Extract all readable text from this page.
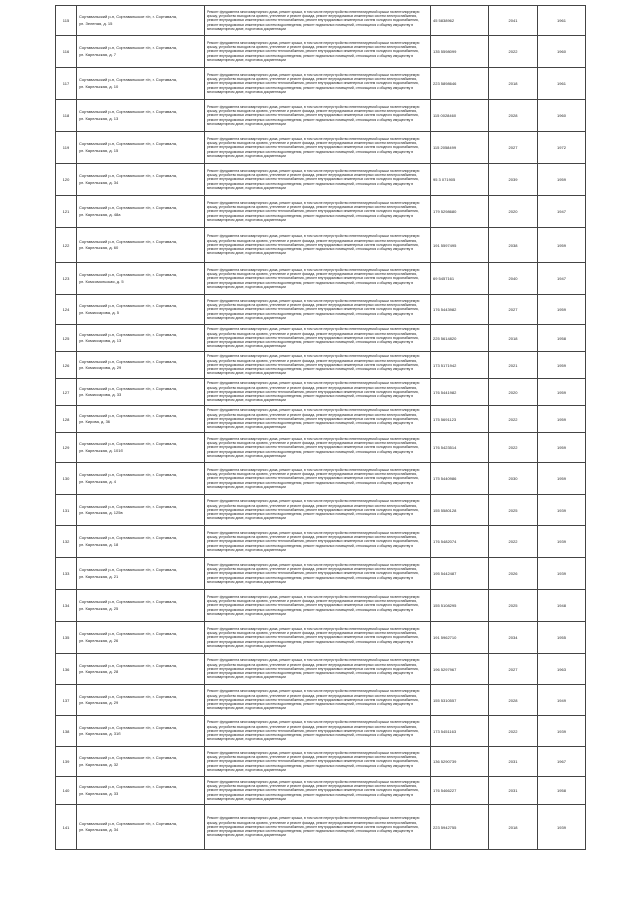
115	Сортавальский р-н, Сортавальское г/п, г. Сортавала,
ул. Зеленая, д. 15	Ремонт фундамента многоквартирного дома, ремонт крыши, в том числе переустройство невентилируемой крыши на вентилируемую крышу, устройство выходов на кровлю, утепление и ремонт фасада, ремонт внутридомовых инженерных систем электроснабжения, ремонт внутридомовых инженерных систем теплоснабжения, ремонт внутридомовых инженерных систем холодного водоснабжения, ремонт внутридомовых инженерных систем водоотведения, ремонт подвальных помещений, относящихся к общему имуществу в многоквартирном доме, подготовка документации	45 5838962	2041	1961
116	Сортавальский р-н, Сортавальское г/п, г. Сортавала,
ул. Карельская, д. 7	Ремонт фундамента многоквартирного дома, ремонт крыши, в том числе переустройство невентилируемой крыши на вентилируемую крышу, устройство выходов на кровлю, утепление и ремонт фасада, ремонт внутридомовых инженерных систем электроснабжения, ремонт внутридомовых инженерных систем теплоснабжения, ремонт внутридомовых инженерных систем холодного водоснабжения, ремонт внутридомовых инженерных систем водоотведения, ремонт подвальных помещений, относящихся к общему имуществу в многоквартирном доме, подготовка документации	135 5598099	2022	1960
117	Сортавальский р-н, Сортавальское г/п, г. Сортавала,
ул. Карельская, д. 10	Ремонт фундамента многоквартирного дома, ремонт крыши, в том числе переустройство невентилируемой крыши на вентилируемую крышу, устройство выходов на кровлю, утепление и ремонт фасада, ремонт внутридомовых инженерных систем электроснабжения, ремонт внутридомовых инженерных систем теплоснабжения, ремонт внутридомовых инженерных систем холодного водоснабжения, ремонт внутридомовых инженерных систем водоотведения, ремонт подвальных помещений, относящихся к общему имуществу в многоквартирном доме, подготовка документации	223 5898646	2018	1961
118	Сортавальский р-н, Сортавальское г/п, г. Сортавала,
ул. Карельская, д. 13	Ремонт фундамента многоквартирного дома, ремонт крыши, в том числе переустройство невентилируемой крыши на вентилируемую крышу, устройство выходов на кровлю, утепление и ремонт фасада, ремонт внутридомовых инженерных систем электроснабжения, ремонт внутридомовых инженерных систем теплоснабжения, ремонт внутридомовых инженерных систем холодного водоснабжения, ремонт внутридомовых инженерных систем водоотведения, ремонт подвальных помещений, относящихся к общему имуществу в многоквартирном доме, подготовка документации	115 0028460	2028	1960
119	Сортавальский р-н, Сортавальское г/п, г. Сортавала,
ул. Карельская, д. 15	Ремонт фундамента многоквартирного дома, ремонт крыши, в том числе переустройство невентилируемой крыши на вентилируемую крышу, устройство выходов на кровлю, утепление и ремонт фасада, ремонт внутридомовых инженерных систем электроснабжения, ремонт внутридомовых инженерных систем теплоснабжения, ремонт внутридомовых инженерных систем холодного водоснабжения, ремонт внутридомовых инженерных систем водоотведения, ремонт подвальных помещений, относящихся к общему имуществу в многоквартирном доме, подготовка документации	115 2058499	2027	1972
120	Сортавальский р-н, Сортавальское г/п, г. Сортавала,
ул. Карельская, д. 34	Ремонт фундамента многоквартирного дома, ремонт крыши, в том числе переустройство невентилируемой крыши на вентилируемую крышу, устройство выходов на кровлю, утепление и ремонт фасада, ремонт внутридомовых инженерных систем электроснабжения, ремонт внутридомовых инженерных систем теплоснабжения, ремонт внутридомовых инженерных систем холодного водоснабжения, ремонт внутридомовых инженерных систем водоотведения, ремонт подвальных помещений, относящихся к общему имуществу в многоквартирном доме, подготовка документации	95 3 071905	2039	1959
121	Сортавальский р-н, Сортавальское г/п, г. Сортавала,
ул. Карельская, д. 48а	Ремонт фундамента многоквартирного дома, ремонт крыши, в том числе переустройство невентилируемой крыши на вентилируемую крышу, устройство выходов на кровлю, утепление и ремонт фасада, ремонт внутридомовых инженерных систем электроснабжения, ремонт внутридомовых инженерных систем теплоснабжения, ремонт внутридомовых инженерных систем холодного водоснабжения, ремонт внутридомовых инженерных систем водоотведения, ремонт подвальных помещений, относящихся к общему имуществу в многоквартирном доме, подготовка документации	179 5298680	2020	1947
122	Сортавальский р-н, Сортавальское г/п, г. Сортавала,
ул. Карельская, д. 60	Ремонт фундамента многоквартирного дома, ремонт крыши, в том числе переустройство невентилируемой крыши на вентилируемую крышу, устройство выходов на кровлю, утепление и ремонт фасада, ремонт внутридомовых инженерных систем электроснабжения, ремонт внутридомовых инженерных систем теплоснабжения, ремонт внутридомовых инженерных систем холодного водоснабжения, ремонт внутридомовых инженерных систем водоотведения, ремонт подвальных помещений, относящихся к общему имуществу в многоквартирном доме, подготовка документации	191 5597495	2038	1959
123	Сортавальский р-н, Сортавальское г/п, г. Сортавала,
ул. Комсомольская, д. 5	Ремонт фундамента многоквартирного дома, ремонт крыши, в том числе переустройство невентилируемой крыши на вентилируемую крышу, устройство выходов на кровлю, утепление и ремонт фасада, ремонт внутридомовых инженерных систем электроснабжения, ремонт внутридомовых инженерных систем теплоснабжения, ремонт внутридомовых инженерных систем холодного водоснабжения, ремонт внутридомовых инженерных систем водоотведения, ремонт подвальных помещений, относящихся к общему имуществу в многоквартирном доме, подготовка документации	69 5457161	2040	1947
124	Сортавальский р-н, Сортавальское г/п, г. Сортавала,
ул. Комиссарова, д. 5	Ремонт фундамента многоквартирного дома, ремонт крыши, в том числе переустройство невентилируемой крыши на вентилируемую крышу, устройство выходов на кровлю, утепление и ремонт фасада, ремонт внутридомовых инженерных систем электроснабжения, ремонт внутридомовых инженерных систем теплоснабжения, ремонт внутридомовых инженерных систем холодного водоснабжения, ремонт внутридомовых инженерных систем водоотведения, ремонт подвальных помещений, относящихся к общему имуществу в многоквартирном доме, подготовка документации	176 5443982	2027	1959
125	Сортавальский р-н, Сортавальское г/п, г. Сортавала,
ул. Комиссарова, д. 13	Ремонт фундамента многоквартирного дома, ремонт крыши, в том числе переустройство невентилируемой крыши на вентилируемую крышу, устройство выходов на кровлю, утепление и ремонт фасада, ремонт внутридомовых инженерных систем электроснабжения, ремонт внутридомовых инженерных систем теплоснабжения, ремонт внутридомовых инженерных систем холодного водоснабжения, ремонт внутридомовых инженерных систем водоотведения, ремонт подвальных помещений, относящихся к общему имуществу в многоквартирном доме, подготовка документации	225 5614820	2018	1958
126	Сортавальский р-н, Сортавальское г/п, г. Сортавала,
ул. Комиссарова, д. 29	Ремонт фундамента многоквартирного дома, ремонт крыши, в том числе переустройство невентилируемой крыши на вентилируемую крышу, устройство выходов на кровлю, утепление и ремонт фасада, ремонт внутридомовых инженерных систем электроснабжения, ремонт внутридомовых инженерных систем теплоснабжения, ремонт внутридомовых инженерных систем холодного водоснабжения, ремонт внутридомовых инженерных систем водоотведения, ремонт подвальных помещений, относящихся к общему имуществу в многоквартирном доме, подготовка документации	173 5171942	2021	1959
127	Сортавальский р-н, Сортавальское г/п, г. Сортавала,
ул. Комиссарова, д. 33	Ремонт фундамента многоквартирного дома, ремонт крыши, в том числе переустройство невентилируемой крыши на вентилируемую крышу, устройство выходов на кровлю, утепление и ремонт фасада, ремонт внутридомовых инженерных систем электроснабжения, ремонт внутридомовых инженерных систем теплоснабжения, ремонт внутридомовых инженерных систем холодного водоснабжения, ремонт внутридомовых инженерных систем водоотведения, ремонт подвальных помещений, относящихся к общему имуществу в многоквартирном доме, подготовка документации	176 5441982	2020	1959
128	Сортавальский р-н, Сортавальское г/п, г. Сортавала,
ул. Кирова, д. 36	Ремонт фундамента многоквартирного дома, ремонт крыши, в том числе переустройство невентилируемой крыши на вентилируемую крышу, устройство выходов на кровлю, утепление и ремонт фасада, ремонт внутридомовых инженерных систем электроснабжения, ремонт внутридомовых инженерных систем теплоснабжения, ремонт внутридомовых инженерных систем холодного водоснабжения, ремонт внутридомовых инженерных систем водоотведения, ремонт подвальных помещений, относящихся к общему имуществу в многоквартирном доме, подготовка документации	175 5691123	2022	1959
129	Сортавальский р-н, Сортавальское г/п, г. Сортавала,
ул. Карельская, д. 101б	Ремонт фундамента многоквартирного дома, ремонт крыши, в том числе переустройство невентилируемой крыши на вентилируемую крышу, устройство выходов на кровлю, утепление и ремонт фасада, ремонт внутридомовых инженерных систем электроснабжения, ремонт внутридомовых инженерных систем теплоснабжения, ремонт внутридомовых инженерных систем холодного водоснабжения, ремонт внутридомовых инженерных систем водоотведения, ремонт подвальных помещений, относящихся к общему имуществу в многоквартирном доме, подготовка документации	176 5423514	2022	1959
130	Сортавальский р-н, Сортавальское г/п, г. Сортавала,
ул. Карельская, д. 4	Ремонт фундамента многоквартирного дома, ремонт крыши, в том числе переустройство невентилируемой крыши на вентилируемую крышу, устройство выходов на кровлю, утепление и ремонт фасада, ремонт внутридомовых инженерных систем электроснабжения, ремонт внутридомовых инженерных систем теплоснабжения, ремонт внутридомовых инженерных систем холодного водоснабжения, ремонт внутридомовых инженерных систем водоотведения, ремонт подвальных помещений, относящихся к общему имуществу в многоквартирном доме, подготовка документации	175 5440986	2030	1959
131	Сортавальский р-н, Сортавальское г/п, г. Сортавала,
ул. Карельская, д. 125в	Ремонт фундамента многоквартирного дома, ремонт крыши, в том числе переустройство невентилируемой крыши на вентилируемую крышу, устройство выходов на кровлю, утепление и ремонт фасада, ремонт внутридомовых инженерных систем электроснабжения, ремонт внутридомовых инженерных систем теплоснабжения, ремонт внутридомовых инженерных систем холодного водоснабжения, ремонт внутридомовых инженерных систем водоотведения, ремонт подвальных помещений, относящихся к общему имуществу в многоквартирном доме, подготовка документации	155 5580128	2025	1939
132	Сортавальский р-н, Сортавальское г/п, г. Сортавала,
ул. Карельская, д. 18	Ремонт фундамента многоквартирного дома, ремонт крыши, в том числе переустройство невентилируемой крыши на вентилируемую крышу, устройство выходов на кровлю, утепление и ремонт фасада, ремонт внутридомовых инженерных систем электроснабжения, ремонт внутридомовых инженерных систем теплоснабжения, ремонт внутридомовых инженерных систем холодного водоснабжения, ремонт внутридомовых инженерных систем водоотведения, ремонт подвальных помещений, относящихся к общему имуществу в многоквартирном доме, подготовка документации	176 5482074	2022	1939
133	Сортавальский р-н, Сортавальское г/п, г. Сортавала,
ул. Карельская, д. 21	Ремонт фундамента многоквартирного дома, ремонт крыши, в том числе переустройство невентилируемой крыши на вентилируемую крышу, устройство выходов на кровлю, утепление и ремонт фасада, ремонт внутридомовых инженерных систем электроснабжения, ремонт внутридомовых инженерных систем теплоснабжения, ремонт внутридомовых инженерных систем холодного водоснабжения, ремонт внутридомовых инженерных систем водоотведения, ремонт подвальных помещений, относящихся к общему имуществу в многоквартирном доме, подготовка документации	195 5442487	2026	1939
134	Сортавальский р-н, Сортавальское г/п, г. Сортавала,
ул. Карельская, д. 25	Ремонт фундамента многоквартирного дома, ремонт крыши, в том числе переустройство невентилируемой крыши на вентилируемую крышу, устройство выходов на кровлю, утепление и ремонт фасада, ремонт внутридомовых инженерных систем электроснабжения, ремонт внутридомовых инженерных систем теплоснабжения, ремонт внутридомовых инженерных систем холодного водоснабжения, ремонт внутридомовых инженерных систем водоотведения, ремонт подвальных помещений, относящихся к общему имуществу в многоквартирном доме, подготовка документации	155 5108295	2025	1948
135	Сортавальский р-н, Сортавальское г/п, г. Сортавала,
ул. Карельская, д. 26	Ремонт фундамента многоквартирного дома, ремонт крыши, в том числе переустройство невентилируемой крыши на вентилируемую крышу, устройство выходов на кровлю, утепление и ремонт фасада, ремонт внутридомовых инженерных систем электроснабжения, ремонт внутридомовых инженерных систем теплоснабжения, ремонт внутридомовых инженерных систем холодного водоснабжения, ремонт внутридомовых инженерных систем водоотведения, ремонт подвальных помещений, относящихся к общему имуществу в многоквартирном доме, подготовка документации	191 5962710	2034	1955
136	Сортавальский р-н, Сортавальское г/п, г. Сортавала,
ул. Карельская, д. 28	Ремонт фундамента многоквартирного дома, ремонт крыши, в том числе переустройство невентилируемой крыши на вентилируемую крышу, устройство выходов на кровлю, утепление и ремонт фасада, ремонт внутридомовых инженерных систем электроснабжения, ремонт внутридомовых инженерных систем теплоснабжения, ремонт внутридомовых инженерных систем холодного водоснабжения, ремонт внутридомовых инженерных систем водоотведения, ремонт подвальных помещений, относящихся к общему имуществу в многоквартирном доме, подготовка документации	196 5297967	2027	1963
137	Сортавальский р-н, Сортавальское г/п, г. Сортавала,
ул. Карельская, д. 29	Ремонт фундамента многоквартирного дома, ремонт крыши, в том числе переустройство невентилируемой крыши на вентилируемую крышу, устройство выходов на кровлю, утепление и ремонт фасада, ремонт внутридомовых инженерных систем электроснабжения, ремонт внутридомовых инженерных систем теплоснабжения, ремонт внутридомовых инженерных систем холодного водоснабжения, ремонт внутридомовых инженерных систем водоотведения, ремонт подвальных помещений, относящихся к общему имуществу в многоквартирном доме, подготовка документации	155 5310557	2028	1949
138	Сортавальский р-н, Сортавальское г/п, г. Сортавала,
ул. Карельская, д. 31б	Ремонт фундамента многоквартирного дома, ремонт крыши, в том числе переустройство невентилируемой крыши на вентилируемую крышу, устройство выходов на кровлю, утепление и ремонт фасада, ремонт внутридомовых инженерных систем электроснабжения, ремонт внутридомовых инженерных систем теплоснабжения, ремонт внутридомовых инженерных систем холодного водоснабжения, ремонт внутридомовых инженерных систем водоотведения, ремонт подвальных помещений, относящихся к общему имуществу в многоквартирном доме, подготовка документации	173 5451163	2022	1939
139	Сортавальский р-н, Сортавальское г/п, г. Сортавала,
ул. Карельская, д. 32	Ремонт фундамента многоквартирного дома, ремонт крыши, в том числе переустройство невентилируемой крыши на вентилируемую крышу, устройство выходов на кровлю, утепление и ремонт фасада, ремонт внутридомовых инженерных систем электроснабжения, ремонт внутридомовых инженерных систем теплоснабжения, ремонт внутридомовых инженерных систем холодного водоснабжения, ремонт внутридомовых инженерных систем водоотведения, ремонт подвальных помещений, относящихся к общему имуществу в многоквартирном доме, подготовка документации	136 5290739	2031	1967
140	Сортавальский р-н, Сортавальское г/п, г. Сортавала,
ул. Карельская, д. 33	Ремонт фундамента многоквартирного дома, ремонт крыши, в том числе переустройство невентилируемой крыши на вентилируемую крышу, устройство выходов на кровлю, утепление и ремонт фасада, ремонт внутридомовых инженерных систем электроснабжения, ремонт внутридомовых инженерных систем теплоснабжения, ремонт внутридомовых инженерных систем холодного водоснабжения, ремонт внутридомовых инженерных систем водоотведения, ремонт подвальных помещений, относящихся к общему имуществу в многоквартирном доме, подготовка документации	176 5466227	2031	1958
141	Сортавальский р-н, Сортавальское г/п, г. Сортавала,
ул. Карельская, д. 34	Ремонт фундамента многоквартирного дома, ремонт крыши, в том числе переустройство невентилируемой крыши на вентилируемую крышу, устройство выходов на кровлю, утепление и ремонт фасада, ремонт внутридомовых инженерных систем электроснабжения, ремонт внутридомовых инженерных систем теплоснабжения, ремонт внутридомовых инженерных систем холодного водоснабжения, ремонт внутридомовых инженерных систем водоотведения, ремонт подвальных помещений, относящихся к общему имуществу в многоквартирном доме, подготовка документации	223 5942755	2018	1939
